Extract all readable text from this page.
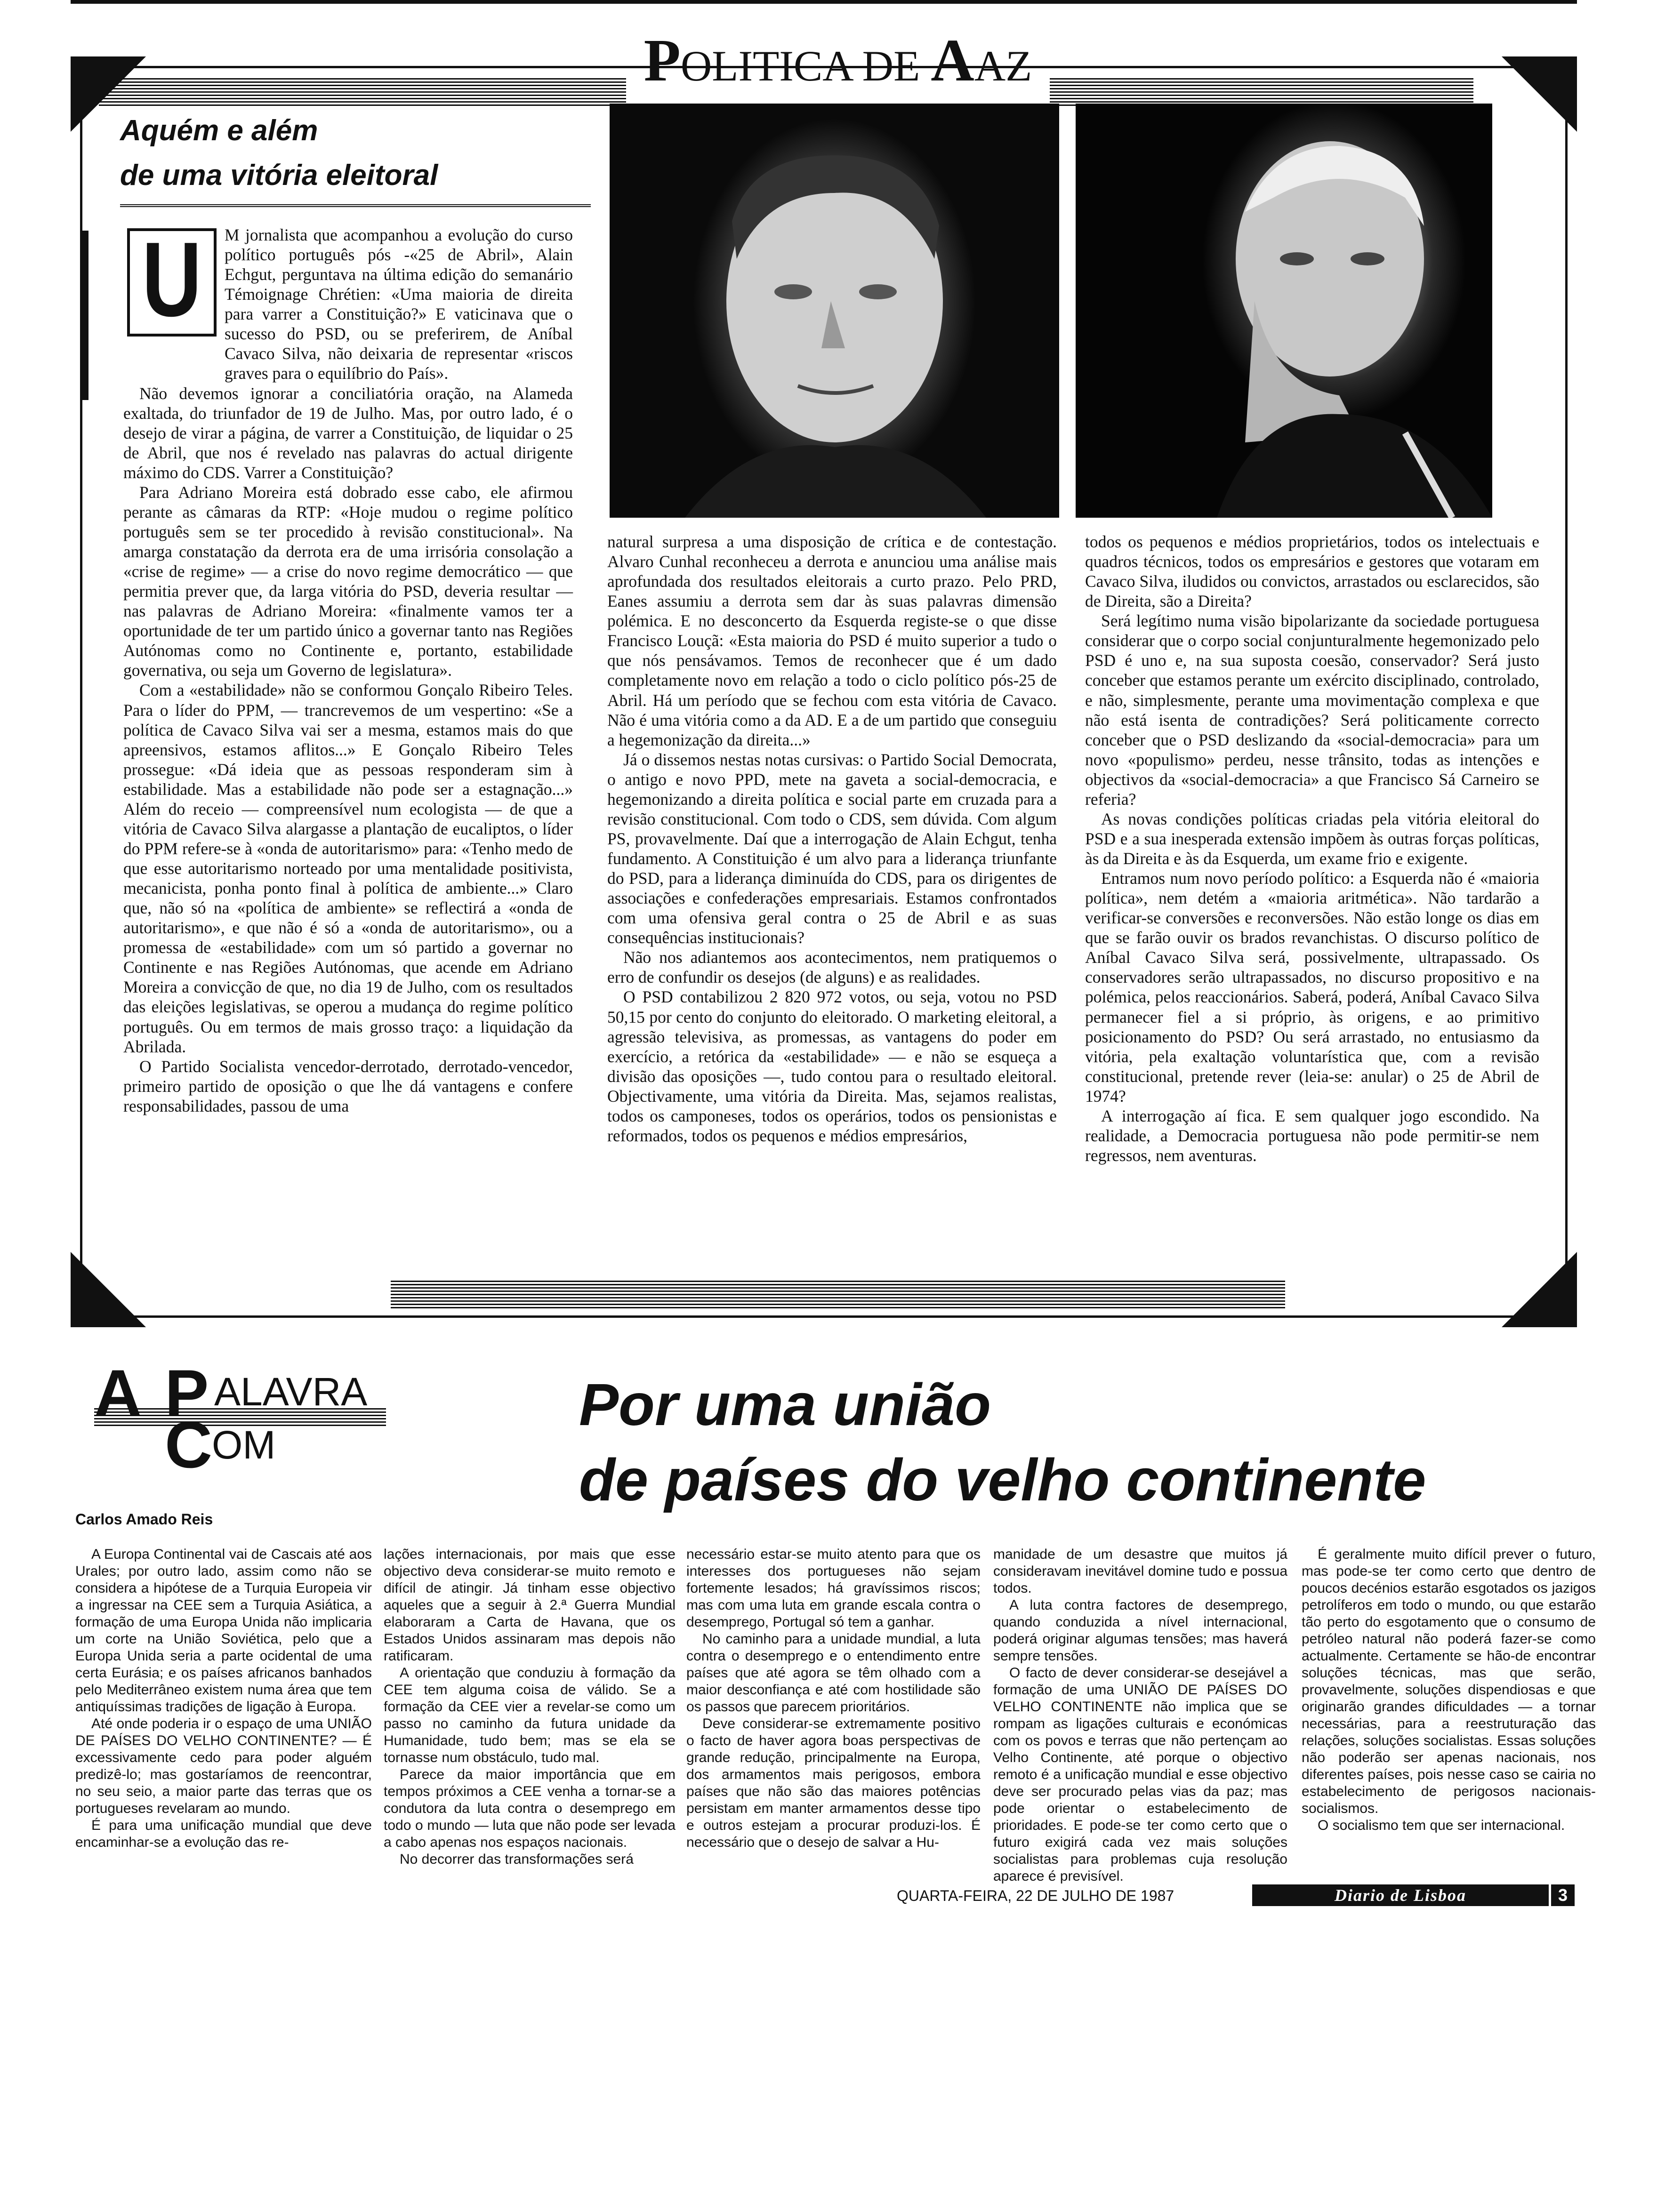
POLITICA DE AAZ
Aquém e além
de uma vitória eleitoral
U	M jornalista que acompanhou a evolução do curso político português pós -«25 de Abril», Alain Echgut, perguntava na última edição do semanário Témoignage Chrétien: «Uma maioria de direita para varrer a Constituição?» E vaticinava que o sucesso do PSD, ou se preferirem, de Aníbal Cavaco Silva, não deixaria de representar «riscos graves para o equilíbrio do País».

Não devemos ignorar a conciliatória oração, na Alameda exaltada, do triunfador de 19 de Julho. Mas, por outro lado, é o desejo de virar a página, de varrer a Constituição, de liquidar o 25 de Abril, que nos é revelado nas palavras do actual dirigente máximo do CDS. Varrer a Constituição?

Para Adriano Moreira está dobrado esse cabo, ele afirmou perante as câmaras da RTP: «Hoje mudou o regime político português sem se ter procedido à revisão constitucional». Na amarga constatação da derrota era de uma irrisória consolação a «crise de regime» — a crise do novo regime democrático — que permitia prever que, da larga vitória do PSD, deveria resultar — nas palavras de Adriano Moreira: «finalmente vamos ter a oportunidade de ter um partido único a governar tanto nas Regiões Autónomas como no Continente e, portanto, estabilidade governativa, ou seja um Governo de legislatura».

Com a «estabilidade» não se conformou Gonçalo Ribeiro Teles. Para o líder do PPM, — trancrevemos de um vespertino: «Se a política de Cavaco Silva vai ser a mesma, estamos mais do que apreensivos, estamos aflitos...» E Gonçalo Ribeiro Teles prosseguе: «Dá ideia que as pessoas responderam sim à estabilidade. Mas a estabilidade não pode ser a estagnação...» Além do receio — compreensível num ecologista — de que a vitória de Cavaco Silva alargasse a plantação de eucaliptos, o líder do PPM refere-se à «onda de autoritarismo» para: «Tenho medo de que esse autoritarismo norteado por uma mentalidade positivista, mecanicista, ponha ponto final à política de ambiente...» Claro que, não só na «política de ambiente» se reflectirá a «onda de autoritarismo», e que não é só a «onda de autoritarismo», ou a promessa de «estabilidade» com um só partido a governar no Continente e nas Regiões Autónomas, que acende em Adriano Moreira a convicção de que, no dia 19 de Julho, com os resultados das eleições legislativas, se operou a mudança do regime político português. Ou em termos de mais grosso traço: a liquidação da Abrilada.

O Partido Socialista vencedor-derrotado, derrotado-vencedor, primeiro partido de oposição o que lhe dá vantagens e confere responsabilidades, passou de uma

natural surpresa a uma disposição de crítica e de contestação. Alvaro Cunhal reconheceu a derrota e anunciou uma análise mais aprofundada dos resultados eleitorais a curto prazo. Pelo PRD, Eanes assumiu a derrota sem dar às suas palavras dimensão polémica. E no desconcerto da Esquerda registe-se o que disse Francisco Louçã: «Esta maioria do PSD é muito superior a tudo o que nós pensávamos. Temos de reconhecer que é um dado completamente novo em relação a todo o ciclo político pós-25 de Abril. Há um período que se fechou com esta vitória de Cavaco. Não é uma vitória como a da AD. E a de um partido que conseguiu a hegemonização da direita...»

Já o dissemos nestas notas cursivas: o Partido Social Democrata, o antigo e novo PPD, mete na gaveta a social-democracia, e hegemonizando a direita política e social parte em cruzada para a revisão constitucional. Com todo o CDS, sem dúvida. Com algum PS, provavelmente. Daí que a interrogação de Alain Echgut, tenha fundamento. A Constituição é um alvo para a liderança triunfante do PSD, para a liderança diminuída do CDS, para os dirigentes de associações e confederações empresariais. Estamos confrontados com uma ofensiva geral contra o 25 de Abril e as suas consequências institucionais?

Não nos adiantemos aos acontecimentos, nem pratiquemos o erro de confundir os desejos (de alguns) e as realidades.

O PSD contabilizou 2 820 972 votos, ou seja, votou no PSD 50,15 por cento do conjunto do eleitorado. O marketing eleitoral, a agressão televisiva, as promessas, as vantagens do poder em exercício, a retórica da «estabilidade» — e não se esqueça a divisão das oposições —, tudo contou para o resultado eleitoral. Objectivamente, uma vitória da Direita. Mas, sejamos realistas, todos os camponeses, todos os operários, todos os pensionistas e reformados, todos os pequenos e médios empresários,

todos os pequenos e médios proprietários, todos os intelectuais e quadros técnicos, todos os empresários e gestores que votaram em Cavaco Silva, iludidos ou convictos, arrastados ou esclarecidos, são de Direita, são a Direita?

Será legítimo numa visão bipolarizante da sociedade portuguesa considerar que o corpo social conjunturalmente hegemonizado pelo PSD é uno e, na sua suposta coesão, conservador? Será justo conceber que estamos perante um exército disciplinado, controlado, e não, simplesmente, perante uma movimentação complexa e que não está isenta de contradições? Será politicamente correcto conceber que o PSD deslizando da «social-democracia» para um novo «populismo» perdeu, nesse trânsito, todas as intenções e objectivos da «social-democracia» a que Francisco Sá Carneiro se referia?

As novas condições políticas criadas pela vitória eleitoral do PSD e a sua inesperada extensão impõem às outras forças políticas, às da Direita e às da Esquerda, um exame frio e exigente.

Entramos num novo período político: a Esquerda não é «maioria política», nem detém a «maioria aritmética». Não tardarão a verificar-se conversões e reconversões. Não estão longe os dias em que se farão ouvir os brados revanchistas. O discurso político de Aníbal Cavaco Silva será, possivelmente, ultrapassado. Os conservadores serão ultrapassados, no discurso propositivo e na polémica, pelos reaccionários. Saberá, poderá, Aníbal Cavaco Silva permanecer fiel a si próprio, às origens, e ao primitivo posicionamento do PSD? Ou será arrastado, no entusiasmo da vitória, pela exaltação voluntarística que, com a revisão constitucional, pretende rever (leia-se: anular) o 25 de Abril de 1974?

A interrogação aí fica. E sem qualquer jogo escondido. Na realidade, a Democracia portuguesa não pode permitir-se nem regressos, nem aventuras.

A P ALAVRA
C
OM
Por uma união
de países do velho continente
Carlos Amado Reis

A Europa Continental vai de Cascais até aos Urales; por outro lado, assim como não se considera a hipótese de a Turquia Europeia vir a ingressar na CEE sem a Turquia Asiática, a formação de uma Europa Unida não implicaria um corte na União Soviética, pelo que a Europa Unida seria a parte ocidental de uma certa Eurásia; e os países africanos banhados pelo Mediterrâneo existem numa área que tem antiquíssimas tradições de ligação à Europa.

Até onde poderia ir o espaço de uma UNIÃO DE PAÍSES DO VELHO CONTINENTE? — É excessivamente cedo para poder alguém predizê-lo; mas gostaríamos de reencontrar, no seu seio, a maior parte das terras que os portugueses revelaram ao mundo.

É para uma unificação mundial que deve encaminhar-se a evolução das re-

lações internacionais, por mais que esse objectivo deva considerar-se muito remoto e difícil de atingir. Já tinham esse objectivo aqueles que a seguir à 2.ª Guerra Mundial elaboraram a Carta de Havana, que os Estados Unidos assinaram mas depois não ratificaram.

A orientação que conduziu à formação da CEE tem alguma coisa de válido. Se a formação da CEE vier a revelar-se como um passo no caminho da futura unidade da Humanidade, tudo bem; mas se ela se tornasse num obstáculo, tudo mal.

Parece da maior importância que em tempos próximos a CEE venha a tornar-se a condutora da luta contra o desemprego em todo o mundo — luta que não pode ser levada a cabo apenas nos espaços nacionais.

No decorrer das transformações será

necessário estar-se muito atento para que os interesses dos portugueses não sejam fortemente lesados; há gravíssimos riscos; mas com uma luta em grande escala contra o desemprego, Portugal só tem a ganhar.

No caminho para a unidade mundial, a luta contra o desemprego e o entendimento entre países que até agora se têm olhado com a maior desconfiança e até com hostilidade são os passos que parecem prioritários.

Deve considerar-se extremamente positivo o facto de haver agora boas perspectivas de grande redução, principalmente na Europa, dos armamentos mais perigosos, embora países que não são das maiores potências persistam em manter armamentos desse tipo e outros estejam a procurar produzi-los. É necessário que o desejo de salvar a Hu-

manidade de um desastre que muitos já consideravam inevitável domine tudo e possua todos.

A luta contra factores de desemprego, quando conduzida a nível internacional, poderá originar algumas tensões; mas haverá sempre tensões.

O facto de dever considerar-se desejável a formação de uma UNIÃO DE PAÍSES DO VELHO CONTINENTE não implica que se rompam as ligações culturais e económicas com os povos e terras que não pertençam ao Velho Continente, até porque o objectivo remoto é a unificação mundial e esse objectivo deve ser procurado pelas vias da paz; mas pode orientar o estabelecimento de prioridades. E pode-se ter como certo que o futuro exigirá cada vez mais soluções socialistas para problemas cuja resolução aparece é previsível.

É geralmente muito difícil prever o futuro, mas pode-se ter como certo que dentro de poucos decénios estarão esgotados os jazigos petrolíferos em todo o mundo, ou que estarão tão perto do esgotamento que o consumo de petróleo natural não poderá fazer-se como actualmente. Certamente se hão-de encontrar soluções técnicas, mas que serão, provavelmente, soluções dispendiosas e que originarão grandes dificuldades — a tornar necessárias, para a reestruturação das relações, soluções socialistas. Essas soluções não poderão ser apenas nacionais, nos diferentes países, pois nesse caso se cairia no estabelecimento de perigosos nacionais-socialismos.

O socialismo tem que ser internacional.

QUARTA-FEIRA, 22 DE JULHO DE 1987	Diario de Lisboa	3
